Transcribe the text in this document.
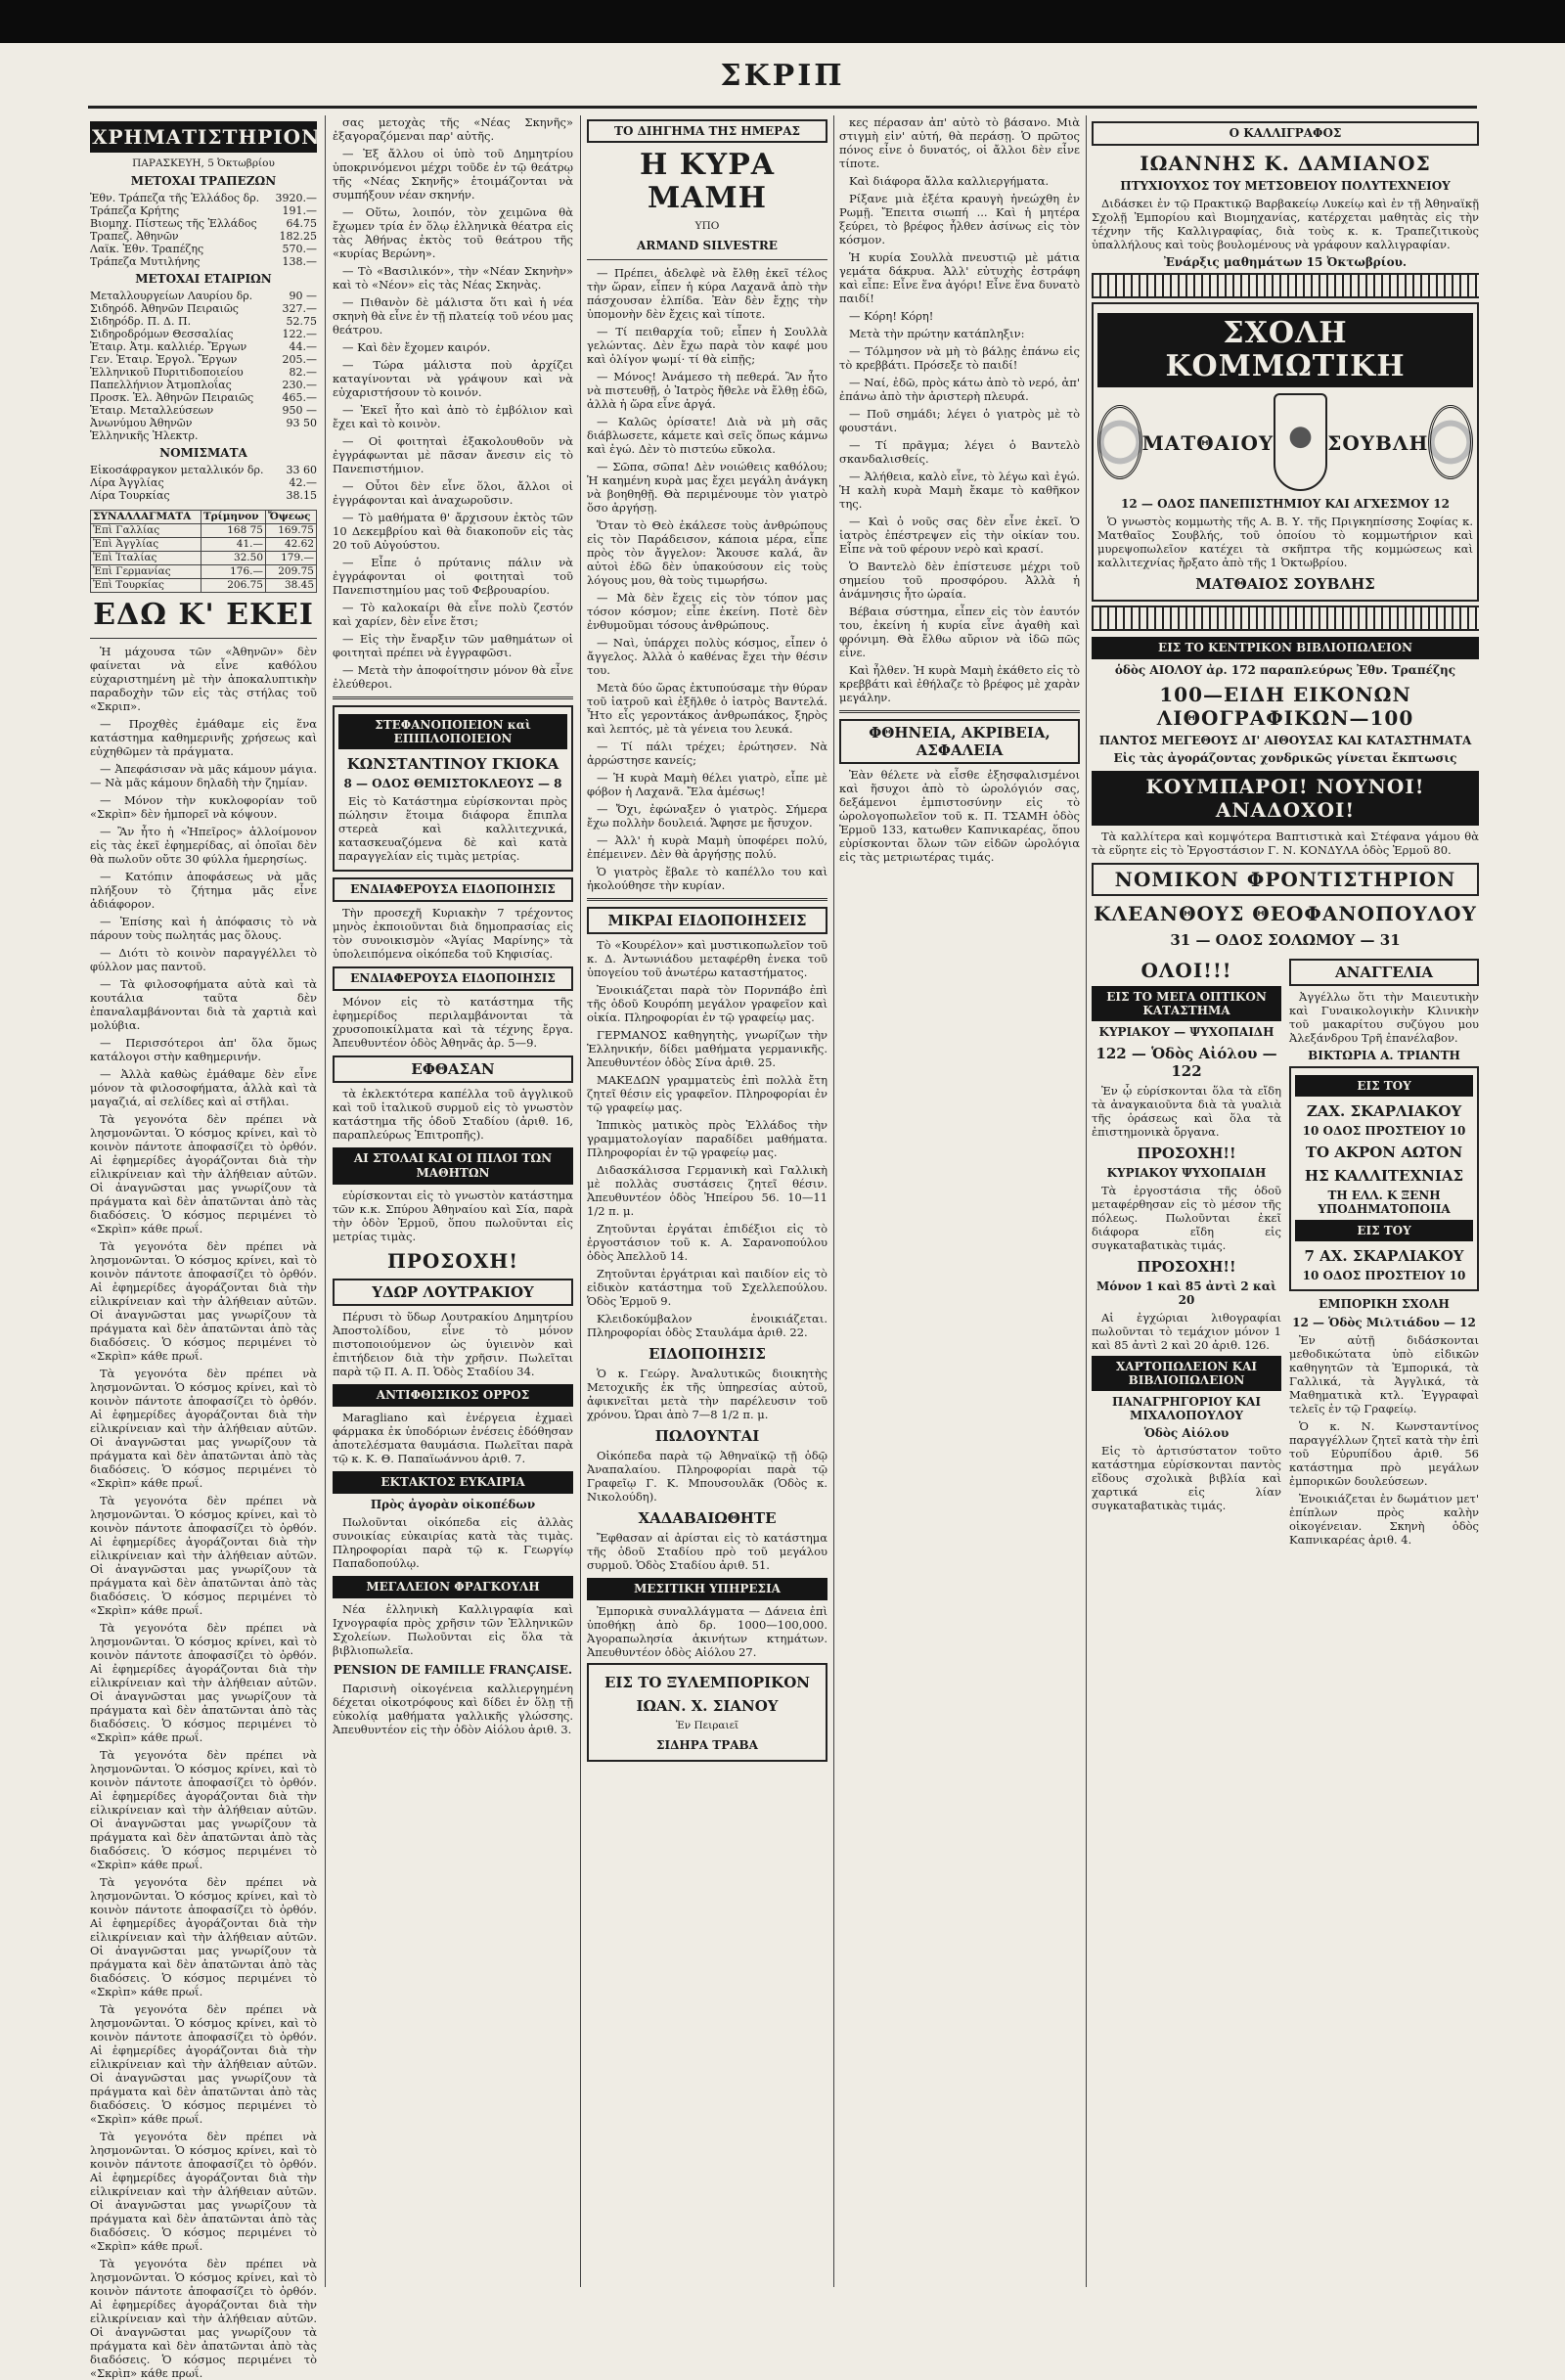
ΣΚΡΙΠ
ΧΡΗΜΑΤΙΣΤΗΡΙΟΝ
ΠΑΡΑΣΚΕΥΗ, 5 Ὀκτωβρίου
ΜΕΤΟΧΑΙ ΤΡΑΠΕΖΩΝ
Ἐθν. Τράπεζα τῆς Ἑλλάδος δρ.	3920.—
Τράπεζα Κρήτης	191.—
Βιομηχ. Πίστεως τῆς Ἑλλάδος	64.75
Τραπεζ. Ἀθηνῶν	182.25
Λαϊκ. Ἐθν. Τραπέζης	570.—
Τράπεζα Μυτιλήνης	138.—
ΜΕΤΟΧΑΙ ΕΤΑΙΡΙΩΝ
Μεταλλουργείων Λαυρίου δρ.	90 —
Σιδηρόδ. Ἀθηνῶν Πειραιῶς	327.—
Σιδηρόδρ. Π. Δ. Π.	52.75
Σιδηροδρόμων Θεσσαλίας	122.—
Ἑταιρ. Ἀτμ. καλλιέρ. Ἔργων	44.—
Γεν. Ἑταιρ. Ἐργολ. Ἔργων	205.—
Ἑλληνικοῦ Πυριτιδοποιείου	82.—
Παπελλήνιον Ἀτμοπλοΐας	230.—
Προσκ. Ἑλ. Ἀθηνῶν Πειραιῶς	465.—
Ἑταιρ. Μεταλλεύσεων	950 —
Ἀνωνύμου Ἀθηνῶν	93 50
Ἑλληνικῆς Ἠλεκτρ.	
ΝΟΜΙΣΜΑΤΑ
Εἰκοσάφραγκον μεταλλικόν δρ.	33 60
Λίρα Ἀγγλίας	42.—
Λίρα Τουρκίας	38.15
ΣΥΝΑΛΛΑΓΜΑΤΑ	Τρίμηνον	Ὄψεως
Ἐπὶ Γαλλίας	168 75	169.75
Ἐπὶ Ἀγγλίας	41.—	42.62
Ἐπὶ Ἰταλίας	32.50	179.—
Ἐπὶ Γερμανίας	176.—	209.75
Ἐπὶ Τουρκίας	206.75	38.45
ΕΔΩ Κ' ΕΚΕΙ

Ἡ μάχουσα τῶν «Ἀθηνῶν» δὲν φαίνεται νὰ εἶνε καθόλου εὐχαριστημένη μὲ τὴν ἀποκαλυπτικὴν παραδοχὴν τῶν εἰς τὰς στήλας τοῦ «Σκριπ».

— Προχθὲς ἐμάθαμε εἰς ἕνα κατάστημα καθημερινῆς χρήσεως καὶ εὐχηθῶμεν τὰ πράγματα.

— Ἀπεφάσισαν νὰ μᾶς κάμουν μάγια. — Νὰ μᾶς κάμουν δηλαδὴ τὴν ζημίαν.

— Μόνον τὴν κυκλοφορίαν τοῦ «Σκρὶπ» δὲν ἠμπορεῖ νὰ κόψουν.

— Ἂν ἦτο ἡ «Ἠπεῖρος» ἀλλοίμονον εἰς τὰς ἐκεῖ ἐφημερίδας, αἱ ὁποῖαι δὲν θὰ πωλοῦν οὔτε 30 φύλλα ἡμερησίως.

— Κατόπιν ἀποφάσεως νὰ μᾶς πλήξουν τὸ ζήτημα μᾶς εἶνε ἀδιάφορον.

— Ἐπίσης καὶ ἡ ἀπόφασις τὸ νὰ πάρουν τοὺς πωλητάς μας ὅλους.

— Διότι τὸ κοινὸν παραγγέλλει τὸ φύλλον μας παντοῦ.

— Τὰ φιλοσοφήματα αὐτὰ καὶ τὰ κουτάλια ταῦτα δὲν ἐπαναλαμβάνονται διὰ τὰ χαρτιὰ καὶ μολύβια.

— Περισσότεροι ἀπ' ὅλα ὅμως κατάλογοι στὴν καθημερινήν.

— Ἀλλὰ καθὼς ἐμάθαμε δὲν εἶνε μόνον τὰ φιλοσοφήματα, ἀλλὰ καὶ τὰ μαγαζιά, αἱ σελίδες καὶ αἱ στῆλαι.

Τὰ γεγονότα δὲν πρέπει νὰ λησμονῶνται. Ὁ κόσμος κρίνει, καὶ τὸ κοινὸν πάντοτε ἀποφασίζει τὸ ὀρθόν. Αἱ ἐφημερίδες ἀγοράζονται διὰ τὴν εἰλικρίνειαν καὶ τὴν ἀλήθειαν αὐτῶν. Οἱ ἀναγνῶσται μας γνωρίζουν τὰ πράγματα καὶ δὲν ἀπατῶνται ἀπὸ τὰς διαδόσεις. Ὁ κόσμος περιμένει τὸ «Σκρὶπ» κάθε πρωΐ.

Τὰ γεγονότα δὲν πρέπει νὰ λησμονῶνται. Ὁ κόσμος κρίνει, καὶ τὸ κοινὸν πάντοτε ἀποφασίζει τὸ ὀρθόν. Αἱ ἐφημερίδες ἀγοράζονται διὰ τὴν εἰλικρίνειαν καὶ τὴν ἀλήθειαν αὐτῶν. Οἱ ἀναγνῶσται μας γνωρίζουν τὰ πράγματα καὶ δὲν ἀπατῶνται ἀπὸ τὰς διαδόσεις. Ὁ κόσμος περιμένει τὸ «Σκρὶπ» κάθε πρωΐ.

Τὰ γεγονότα δὲν πρέπει νὰ λησμονῶνται. Ὁ κόσμος κρίνει, καὶ τὸ κοινὸν πάντοτε ἀποφασίζει τὸ ὀρθόν. Αἱ ἐφημερίδες ἀγοράζονται διὰ τὴν εἰλικρίνειαν καὶ τὴν ἀλήθειαν αὐτῶν. Οἱ ἀναγνῶσται μας γνωρίζουν τὰ πράγματα καὶ δὲν ἀπατῶνται ἀπὸ τὰς διαδόσεις. Ὁ κόσμος περιμένει τὸ «Σκρὶπ» κάθε πρωΐ.

Τὰ γεγονότα δὲν πρέπει νὰ λησμονῶνται. Ὁ κόσμος κρίνει, καὶ τὸ κοινὸν πάντοτε ἀποφασίζει τὸ ὀρθόν. Αἱ ἐφημερίδες ἀγοράζονται διὰ τὴν εἰλικρίνειαν καὶ τὴν ἀλήθειαν αὐτῶν. Οἱ ἀναγνῶσται μας γνωρίζουν τὰ πράγματα καὶ δὲν ἀπατῶνται ἀπὸ τὰς διαδόσεις. Ὁ κόσμος περιμένει τὸ «Σκρὶπ» κάθε πρωΐ.

Τὰ γεγονότα δὲν πρέπει νὰ λησμονῶνται. Ὁ κόσμος κρίνει, καὶ τὸ κοινὸν πάντοτε ἀποφασίζει τὸ ὀρθόν. Αἱ ἐφημερίδες ἀγοράζονται διὰ τὴν εἰλικρίνειαν καὶ τὴν ἀλήθειαν αὐτῶν. Οἱ ἀναγνῶσται μας γνωρίζουν τὰ πράγματα καὶ δὲν ἀπατῶνται ἀπὸ τὰς διαδόσεις. Ὁ κόσμος περιμένει τὸ «Σκρὶπ» κάθε πρωΐ.

Τὰ γεγονότα δὲν πρέπει νὰ λησμονῶνται. Ὁ κόσμος κρίνει, καὶ τὸ κοινὸν πάντοτε ἀποφασίζει τὸ ὀρθόν. Αἱ ἐφημερίδες ἀγοράζονται διὰ τὴν εἰλικρίνειαν καὶ τὴν ἀλήθειαν αὐτῶν. Οἱ ἀναγνῶσται μας γνωρίζουν τὰ πράγματα καὶ δὲν ἀπατῶνται ἀπὸ τὰς διαδόσεις. Ὁ κόσμος περιμένει τὸ «Σκρὶπ» κάθε πρωΐ.

Τὰ γεγονότα δὲν πρέπει νὰ λησμονῶνται. Ὁ κόσμος κρίνει, καὶ τὸ κοινὸν πάντοτε ἀποφασίζει τὸ ὀρθόν. Αἱ ἐφημερίδες ἀγοράζονται διὰ τὴν εἰλικρίνειαν καὶ τὴν ἀλήθειαν αὐτῶν. Οἱ ἀναγνῶσται μας γνωρίζουν τὰ πράγματα καὶ δὲν ἀπατῶνται ἀπὸ τὰς διαδόσεις. Ὁ κόσμος περιμένει τὸ «Σκρὶπ» κάθε πρωΐ.

Τὰ γεγονότα δὲν πρέπει νὰ λησμονῶνται. Ὁ κόσμος κρίνει, καὶ τὸ κοινὸν πάντοτε ἀποφασίζει τὸ ὀρθόν. Αἱ ἐφημερίδες ἀγοράζονται διὰ τὴν εἰλικρίνειαν καὶ τὴν ἀλήθειαν αὐτῶν. Οἱ ἀναγνῶσται μας γνωρίζουν τὰ πράγματα καὶ δὲν ἀπατῶνται ἀπὸ τὰς διαδόσεις. Ὁ κόσμος περιμένει τὸ «Σκρὶπ» κάθε πρωΐ.

Τὰ γεγονότα δὲν πρέπει νὰ λησμονῶνται. Ὁ κόσμος κρίνει, καὶ τὸ κοινὸν πάντοτε ἀποφασίζει τὸ ὀρθόν. Αἱ ἐφημερίδες ἀγοράζονται διὰ τὴν εἰλικρίνειαν καὶ τὴν ἀλήθειαν αὐτῶν. Οἱ ἀναγνῶσται μας γνωρίζουν τὰ πράγματα καὶ δὲν ἀπατῶνται ἀπὸ τὰς διαδόσεις. Ὁ κόσμος περιμένει τὸ «Σκρὶπ» κάθε πρωΐ.

Τὰ γεγονότα δὲν πρέπει νὰ λησμονῶνται. Ὁ κόσμος κρίνει, καὶ τὸ κοινὸν πάντοτε ἀποφασίζει τὸ ὀρθόν. Αἱ ἐφημερίδες ἀγοράζονται διὰ τὴν εἰλικρίνειαν καὶ τὴν ἀλήθειαν αὐτῶν. Οἱ ἀναγνῶσται μας γνωρίζουν τὰ πράγματα καὶ δὲν ἀπατῶνται ἀπὸ τὰς διαδόσεις. Ὁ κόσμος περιμένει τὸ «Σκρὶπ» κάθε πρωΐ.

σας μετοχὰς τῆς «Νέας Σκηνῆς» ἐξαγοραζόμεναι παρ' αὐτῆς.

— Ἐξ ἄλλου οἱ ὑπὸ τοῦ Δημητρίου ὑποκρινόμενοι μέχρι τοῦδε ἐν τῷ θεάτρῳ τῆς «Νέας Σκηνῆς» ἑτοιμάζονται νὰ συμπήξουν νέαν σκηνήν.

— Οὕτω, λοιπόν, τὸν χειμῶνα θὰ ἔχωμεν τρία ἐν ὅλῳ ἑλληνικὰ θέατρα εἰς τὰς Ἀθήνας ἐκτὸς τοῦ θεάτρου τῆς «κυρίας Βερώνη».

— Τὸ «Βασιλικόν», τὴν «Νέαν Σκηνὴν» καὶ τὸ «Νέον» εἰς τὰς Νέας Σκηνὰς.

— Πιθανὸν δὲ μάλιστα ὅτι καὶ ἡ νέα σκηνὴ θὰ εἶνε ἐν τῇ πλατείᾳ τοῦ νέου μας θεάτρου.

— Καὶ δὲν ἔχομεν καιρόν.

— Τώρα μάλιστα ποὺ ἀρχίζει καταγίνονται νὰ γράψουν καὶ νὰ εὐχαριστήσουν τὸ κοινόν.

— Ἐκεῖ ἦτο καὶ ἀπὸ τὸ ἐμβόλιον καὶ ἔχει καὶ τὸ κοινὸν.

— Οἱ φοιτηταὶ ἐξακολουθοῦν νὰ ἐγγράφωνται μὲ πᾶσαν ἄνεσιν εἰς τὸ Πανεπιστήμιον.

— Οὗτοι δὲν εἶνε ὅλοι, ἄλλοι οἱ ἐγγράφονται καὶ ἀναχωροῦσιν.

— Τὸ μαθήματα θ' ἄρχισουν ἐκτὸς τῶν 10 Δεκεμβρίου καὶ θὰ διακοποῦν εἰς τὰς 20 τοῦ Αὐγούστου.

— Εἶπε ὁ πρύτανις πάλιν νὰ ἐγγράφονται οἱ φοιτηταὶ τοῦ Πανεπιστημίου μας τοῦ Φεβρουαρίου.

— Τὸ καλοκαίρι θὰ εἶνε πολὺ ζεστόν καὶ χαρίεν, δὲν εἶνε ἔτσι;

— Εἰς τὴν ἔναρξιν τῶν μαθημάτων οἱ φοιτηταὶ πρέπει νὰ ἐγγραφῶσι.

— Μετὰ τὴν ἀποφοίτησιν μόνον θὰ εἶνε ἐλεύθεροι.

ΣΤΕΦΑΝΟΠΟΙΕΙΟΝ καὶ ΕΠΙΠΛΟΠΟΙΕΙΟΝ
ΚΩΝΣΤΑΝΤΙΝΟΥ ΓΚΙΟΚΑ
8 — ΟΔΟΣ ΘΕΜΙΣΤΟΚΛΕΟΥΣ — 8

Εἰς τὸ Κατάστημα εὑρίσκονται πρὸς πώλησιν ἕτοιμα διάφορα ἔπιπλα στερεὰ καὶ καλλιτεχνικά, κατασκευαζόμενα δὲ καὶ κατὰ παραγγελίαν εἰς τιμὰς μετρίας.

ΕΝΔΙΑΦΕΡΟΥΣΑ ΕΙΔΟΠΟΙΗΣΙΣ

Τὴν προσεχῆ Κυριακὴν 7 τρέχοντος μηνὸς ἐκποιοῦνται διὰ δημοπρασίας εἰς τὸν συνοικισμὸν «Ἁγίας Μαρίνης» τὰ ὑπολειπόμενα οἰκόπεδα τοῦ Κηφισίας.

ΕΝΔΙΑΦΕΡΟΥΣΑ ΕΙΔΟΠΟΙΗΣΙΣ

Μόνον εἰς τὸ κατάστημα τῆς ἐφημερίδος περιλαμβάνονται τὰ χρυσοποικίλματα καὶ τὰ τέχνης ἔργα. Ἀπευθυντέον ὁδὸς Ἀθηνᾶς ἀρ. 5—9.

ΕΦΘΑΣΑΝ

τὰ ἐκλεκτότερα καπέλλα τοῦ ἀγγλικοῦ καὶ τοῦ ἰταλικοῦ συρμοῦ εἰς τὸ γνωστὸν κατάστημα τῆς ὁδοῦ Σταδίου (ἀριθ. 16, παραπλεύρως Ἐπιτροπῆς).

ΑΙ ΣΤΟΛΑΙ ΚΑΙ ΟΙ ΠΙΛΟΙ ΤΩΝ ΜΑΘΗΤΩΝ

εὑρίσκονται εἰς τὸ γνωστὸν κατάστημα τῶν κ.κ. Σπύρου Ἀθηναίου καὶ Σία, παρὰ τὴν ὁδὸν Ἑρμοῦ, ὅπου πωλοῦνται εἰς μετρίας τιμὰς.

ΠΡΟΣΟΧΗ!
ΥΔΩΡ ΛΟΥΤΡΑΚΙΟΥ

Πέρυσι τὸ ὕδωρ Λουτρακίου Δημητρίου Ἀποστολίδου, εἶνε τὸ μόνον πιστοποιούμενον ὡς ὑγιεινὸν καὶ ἐπιτήδειον διὰ τὴν χρῆσιν. Πωλεῖται παρὰ τῷ Π. Α. Π. Ὁδὸς Σταδίου 34.

ΑΝΤΙΦΘΙΣΙΚΟΣ ΟΡΡΟΣ

Maragliano καὶ ἐνέργεια ἐχμαεὶ φάρμακα ἐκ ὑποδόριων ἐνέσεις ἐδόθησαν ἀποτελέσματα θαυμάσια. Πωλεῖται παρὰ τῷ κ. Κ. Θ. Παπαϊωάννου ἀριθ. 7.

ΕΚΤΑΚΤΟΣ ΕΥΚΑΙΡΙΑ
Πρὸς ἀγορὰν οἰκοπέδων

Πωλοῦνται οἰκόπεδα εἰς ἀλλὰς συνοικίας εὐκαιρίας κατὰ τὰς τιμὰς. Πληροφορίαι παρὰ τῷ κ. Γεωργίῳ Παπαδοπούλῳ.

ΜΕΓΑΛΕΙΟΝ ΦΡΑΓΚΟΥΛΗ

Νέα ἑλληνικὴ Καλλιγραφία καὶ Ιχνογραφία πρὸς χρῆσιν τῶν Ἑλληνικῶν Σχολείων. Πωλοῦνται εἰς ὅλα τὰ βιβλιοπωλεῖα.

PENSION DE FAMILLE FRANÇAISE.

Παρισινὴ οἰκογένεια καλλιεργημένη δέχεται οἰκοτρόφους καὶ δίδει ἐν ὅλῃ τῇ εὐκολίᾳ μαθήματα γαλλικῆς γλώσσης. Ἀπευθυντέον εἰς τὴν ὁδὸν Αἰόλου ἀριθ. 3.

ΤΟ ΔΙΗΓΗΜΑ ΤΗΣ ΗΜΕΡΑΣ
Η ΚΥΡΑ ΜΑΜΗ
ΥΠΟ
ARMAND SILVESTRE

— Πρέπει, ἀδελφὲ νὰ ἔλθῃ ἐκεῖ τέλος τὴν ὥραν, εἶπεν ἡ κύρα Λαχανᾶ ἀπὸ τὴν πάσχουσαν ἐλπίδα. Ἐὰν δὲν ἔχῃς τὴν ὑπομονὴν δὲν ἔχεις καὶ τίποτε.

— Τί πειθαρχία τοῦ; εἶπεν ἡ Σουλλὰ γελώντας. Δὲν ἔχω παρὰ τὸν καφέ μου καὶ ὀλίγον ψωμί· τί θὰ εἰπῇς;

— Μόνος! Ἀνάμεσο τὴ πεθερά. Ἂν ἦτο νὰ πιστευθῇ, ὁ Ἰατρὸς ἤθελε νὰ ἔλθῃ ἐδῶ, ἀλλὰ ἡ ὥρα εἶνε ἀργά.

— Καλῶς ὁρίσατε! Διὰ νὰ μὴ σᾶς διάβλωσετε, κάμετε καὶ σεῖς ὅπως κάμνω καὶ ἐγώ. Δὲν τὸ πιστεύω εὔκολα.

— Σῶπα, σῶπα! Δὲν νοιώθεις καθόλου; Ἡ καημένη κυρὰ μας ἔχει μεγάλη ἀνάγκη νὰ βοηθηθῇ. Θὰ περιμένουμε τὸν γιατρὸ ὅσο ἀργήσῃ.

Ὅταν τὸ Θεὸ ἐκάλεσε τοὺς ἀνθρώπους εἰς τὸν Παράδεισον, κάποια μέρα, εἶπε πρὸς τὸν ἄγγελον: Ἄκουσε καλά, ἂν αὐτοὶ ἐδῶ δὲν ὑπακούσουν εἰς τοὺς λόγους μου, θὰ τοὺς τιμωρήσω.

— Μὰ δὲν ἔχεις εἰς τὸν τόπον μας τόσον κόσμον; εἶπε ἐκείνη. Ποτὲ δὲν ἐνθυμοῦμαι τόσους ἀνθρώπους.

— Ναὶ, ὑπάρχει πολὺς κόσμος, εἶπεν ὁ ἄγγελος. Ἀλλὰ ὁ καθένας ἔχει τὴν θέσιν του.

Μετὰ δύο ὥρας ἐκτυπούσαμε τὴν θύραν τοῦ ἰατροῦ καὶ ἐξῆλθε ὁ ἰατρὸς Βαντελά. Ἦτο εἷς γεροντάκος ἀνθρωπάκος, ξηρὸς καὶ λεπτός, μὲ τὰ γένεια του λευκά.

— Τί πάλι τρέχει; ἐρώτησεν. Νὰ ἀρρώστησε κανείς;

— Ἡ κυρὰ Μαμὴ θέλει γιατρὸ, εἶπε μὲ φόβον ἡ Λαχανᾶ. Ἔλα ἀμέσως!

— Ὄχι, ἐφώναξεν ὁ γιατρὸς. Σήμερα ἔχω πολλὴν δουλειά. Ἄφησε με ἤσυχον.

— Ἀλλ' ἡ κυρὰ Μαμὴ ὑποφέρει πολύ, ἐπέμεινεν. Δὲν θὰ ἀργήσῃς πολύ.

Ὁ γιατρὸς ἔβαλε τὸ καπέλλο του καὶ ἠκολούθησε τὴν κυρίαν.

ΜΙΚΡΑΙ ΕΙΔΟΠΟΙΗΣΕΙΣ

Τὸ «Κουρέλον» καὶ μυστικοπωλεῖον τοῦ κ. Δ. Ἀντωνιάδου μεταφέρθη ἐνεκα τοῦ ὑπογείου τοῦ ἀνωτέρω καταστήματος.

Ἐνοικιάζεται παρὰ τὸν Πορνπάβο ἐπὶ τῆς ὁδοῦ Κουρόπη μεγάλον γραφεῖον καὶ οἰκία. Πληροφορίαι ἐν τῷ γραφείῳ μας.

ΓΕΡΜΑΝΟΣ καθηγητὴς, γνωρίζων τὴν Ἑλληνικήν, δίδει μαθήματα γερμανικῆς. Ἀπευθυντέον ὁδὸς Σίνα ἀριθ. 25.

ΜΑΚΕΔΩΝ γραμματεὺς ἐπὶ πολλὰ ἔτη ζητεῖ θέσιν εἰς γραφεῖον. Πληροφορίαι ἐν τῷ γραφείῳ μας.

Ἱππικὸς ματικὸς πρὸς Ἑλλάδος τὴν γραμματολογίαν παραδίδει μαθήματα. Πληροφορίαι ἐν τῷ γραφείῳ μας.

Διδασκάλισσα Γερμανικὴ καὶ Γαλλικὴ μὲ πολλὰς συστάσεις ζητεῖ θέσιν. Ἀπευθυντέον ὁδὸς Ἠπείρου 56. 10—11 1/2 π. μ.

Ζητοῦνται ἐργάται ἐπιδέξιοι εἰς τὸ ἐργοστάσιον τοῦ κ. Α. Σαρανοπούλου ὁδὸς Ἀπελλοῦ 14.

Ζητοῦνται ἐργάτριαι καὶ παιδίον εἰς τὸ εἰδικὸν κατάστημα τοῦ Σχελλεπούλου. Ὁδὸς Ἑρμοῦ 9.

Κλειδοκύμβαλον ἐνοικιάζεται. Πληροφορίαι ὁδὸς Σταυλάμα ἀριθ. 22.

ΕΙΔΟΠΟΙΗΣΙΣ

Ὁ κ. Γεώργ. Ἀναλυτικῶς διοικητὴς Μετοχικῆς ἐκ τῆς ὑπηρεσίας αὐτοῦ, ἀφικνεῖται μετὰ τὴν παρέλευσιν τοῦ χρόνου. Ὡραι ἀπὸ 7—8 1/2 π. μ.

ΠΩΛΟΥΝΤΑΙ

Οἰκόπεδα παρὰ τῷ Ἀθηναϊκῷ τῇ ὁδῷ Ἀναπαλαίου. Πληροφορίαι παρὰ τῷ Γραφεῖῳ Γ. Κ. Μπουσουλᾶκ (Ὁδὸς κ. Νικολούδη).

ΧΑΔΑΒΑΙΩΘΗΤΕ

Ἔφθασαν αἱ ἀρίσται εἰς τὸ κατάστημα τῆς ὁδοῦ Σταδίου πρὸ τοῦ μεγάλου συρμοῦ. Ὁδὸς Σταδίου ἀριθ. 51.

ΜΕΣΙΤΙΚΗ ΥΠΗΡΕΣΙΑ

Ἐμπορικὰ συναλλάγματα — Δάνεια ἐπὶ ὑποθήκῃ ἀπὸ δρ. 1000—100,000. Ἀγοραπωλησία ἀκινήτων κτημάτων. Ἀπευθυντέον ὁδὸς Αἰόλου 27.

ΕΙΣ ΤΟ ΞΥΛΕΜΠΟΡΙΚΟΝ
ΙΩΑΝ. Χ. ΣΙΑΝΟΥ
Ἐν Πειραιεῖ
ΣΙΔΗΡΑ ΤΡΑΒΑ

κες πέρασαν ἀπ' αὐτὸ τὸ βάσανο. Μιὰ στιγμὴ εἰν' αὐτή, θὰ περάσῃ. Ὁ πρῶτος πόνος εἶνε ὁ δυνατός, οἱ ἄλλοι δὲν εἶνε τίποτε.

Καὶ διάφορα ἄλλα καλλιεργήματα.

Ρίξανε μιὰ ἐξέτα κραυγὴ ἠνεώχθη ἐν Ρωμῇ. Ἔπειτα σιωπή ... Καὶ ἡ μητέρα ξεύρει, τὸ βρέφος ἦλθεν ἀσίνως εἰς τὸν κόσμον.

Ἡ κυρία Σουλλὰ πνευστιῷ μὲ μάτια γεμάτα δάκρυα. Ἀλλ' εὐτυχὴς ἐστράφη καὶ εἶπε: Εἶνε ἕνα ἀγόρι! Εἶνε ἕνα δυνατὸ παιδί!

— Κόρη! Κόρη!

Μετὰ τὴν πρώτην κατάπληξιν:

— Τόλμησον νὰ μὴ τὸ βάλῃς ἐπάνω εἰς τὸ κρεββάτι. Πρόσεξε τὸ παιδί!

— Ναί, ἐδῶ, πρὸς κάτω ἀπὸ τὸ νερό, ἀπ' ἐπάνω ἀπὸ τὴν ἀριστερὴ πλευρά.

— Ποῦ σημάδι; λέγει ὁ γιατρὸς μὲ τὸ φουστάνι.

— Τί πρᾶγμα; λέγει ὁ Βαντελὸ σκανδαλισθείς.

— Ἀλήθεια, καλὸ εἶνε, τὸ λέγω καὶ ἐγώ. Ἡ καλὴ κυρὰ Μαμὴ ἔκαμε τὸ καθῆκον της.

— Καὶ ὁ νοῦς σας δὲν εἶνε ἐκεῖ. Ὁ ἰατρὸς ἐπέστρεψεν εἰς τὴν οἰκίαν του. Εἶπε νὰ τοῦ φέρουν νερὸ καὶ κρασί.

Ὁ Βαντελὸ δὲν ἐπίστευσε μέχρι τοῦ σημείου τοῦ προσφόρου. Ἀλλὰ ἡ ἀνάμνησις ἦτο ὡραία.

Βέβαια σύστημα, εἶπεν εἰς τὸν ἑαυτόν του, ἐκείνη ἡ κυρία εἶνε ἀγαθὴ καὶ φρόνιμη. Θὰ ἔλθω αὔριον νὰ ἰδῶ πῶς εἶνε.

Καὶ ἦλθεν. Ἡ κυρὰ Μαμὴ ἐκάθετο εἰς τὸ κρεββάτι καὶ ἐθήλαζε τὸ βρέφος μὲ χαρὰν μεγάλην.

ΦΘΗΝΕΙΑ, ΑΚΡΙΒΕΙΑ, ΑΣΦΑΛΕΙΑ

Ἐὰν θέλετε νὰ εἶσθε ἐξησφαλισμένοι καὶ ἥσυχοι ἀπὸ τὸ ὡρολόγιόν σας, δεξάμενοι ἐμπιστοσύνην εἰς τὸ ὡρολογοπωλεῖον τοῦ κ. Π. ΤΣΑΜΗ ὁδὸς Ἑρμοῦ 133, κατωθεν Καπνικαρέας, ὅπου εὑρίσκονται ὅλων τῶν εἰδῶν ὡρολόγια εἰς τὰς μετριωτέρας τιμάς.

Ο ΚΑΛΛΙΓΡΑΦΟΣ
ΙΩΑΝΝΗΣ Κ. ΔΑΜΙΑΝΟΣ
ΠΤΥΧΙΟΥΧΟΣ ΤΟΥ ΜΕΤΣΟΒΕΙΟΥ ΠΟΛΥΤΕΧΝΕΙΟΥ

Διδάσκει ἐν τῷ Πρακτικῷ Βαρβακείῳ Λυκείῳ καὶ ἐν τῇ Ἀθηναϊκῇ Σχολῇ Ἐμπορίου καὶ Βιομηχανίας, κατέρχεται μαθητὰς εἰς τὴν τέχνην τῆς Καλλιγραφίας, διὰ τοὺς κ. κ. Τραπεζιτικοὺς ὑπαλλήλους καὶ τοὺς βουλομένους νὰ γράφουν καλλιγραφίαν.

Ἐνάρξις μαθημάτων 15 Ὀκτωβρίου.
ΣΧΟΛΗ ΚΟΜΜΩΤΙΚΗ
ΜΑΤΘΑΙΟΥ	ΣΟΥΒΛΗ
12 — ΟΔΟΣ ΠΑΝΕΠΙΣΤΗΜΙΟΥ ΚΑΙ ΑΓΧΕΣΜΟΥ 12

Ὁ γνωστὸς κομμωτὴς τῆς Α. Β. Υ. τῆς Πριγκηπίσσης Σοφίας κ. Ματθαῖος Σουβλής, τοῦ ὁποίου τὸ κομμωτήριον καὶ μυρεψοπωλεῖον κατέχει τὰ σκῆπτρα τῆς κομμώσεως καὶ καλλιτεχνίας ἤρξατο ἀπὸ τῆς 1 Ὀκτωβρίου.

ΜΑΤΘΑΙΟΣ ΣΟΥΒΛΗΣ
ΕΙΣ ΤΟ ΚΕΝΤΡΙΚΟΝ ΒΙΒΛΙΟΠΩΛΕΙΟΝ
ὁδὸς ΑΙΟΛΟΥ ἀρ. 172 παραπλεύρως Ἐθν. Τραπέζης
100—ΕΙΔΗ ΕΙΚΟΝΩΝ ΛΙΘΟΓΡΑΦΙΚΩΝ—100
ΠΑΝΤΟΣ ΜΕΓΕΘΟΥΣ ΔΙ' ΑΙΘΟΥΣΑΣ ΚΑΙ ΚΑΤΑΣΤΗΜΑΤΑ
Εἰς τὰς ἀγοράζοντας χονδρικῶς γίνεται ἔκπτωσις
ΚΟΥΜΠΑΡΟΙ! ΝΟΥΝΟΙ! ΑΝΑΔΟΧΟΙ!

Τὰ καλλίτερα καὶ κομψότερα Βαπτιστικὰ καὶ Στέφανα γάμου θὰ τὰ εὕρητε εἰς τὸ Ἐργοστάσιον Γ. Ν. ΚΟΝΔΥΛΑ ὁδὸς Ἑρμοῦ 80.

ΝΟΜΙΚΟΝ ΦΡΟΝΤΙΣΤΗΡΙΟΝ
ΚΛΕΑΝΘΟΥΣ ΘΕΟΦΑΝΟΠΟΥΛΟΥ
31 — ΟΔΟΣ ΣΟΛΩΜΟΥ — 31
ΟΛΟΙ!!!
ΕΙΣ ΤΟ ΜΕΓΑ ΟΠΤΙΚΟΝ ΚΑΤΑΣΤΗΜΑ
ΚΥΡΙΑΚΟΥ — ΨΥΧΟΠΑΙΔΗ
122 — Ὁδὸς Αἰόλου — 122

Ἐν ᾧ εὑρίσκονται ὅλα τὰ εἴδη τὰ ἀναγκαιοῦντα διὰ τὰ γυαλιὰ τῆς ὁράσεως καὶ ὅλα τὰ ἐπιστημονικὰ ὄργανα.

ΠΡΟΣΟΧΗ!!
ΚΥΡΙΑΚΟΥ ΨΥΧΟΠΑΙΔΗ

Τὰ ἐργοστάσια τῆς ὁδοῦ μεταφέρθησαν εἰς τὸ μέσον τῆς πόλεως. Πωλοῦνται ἐκεῖ διάφορα εἴδη εἰς συγκαταβατικὰς τιμάς.

ΠΡΟΣΟΧΗ!!
Μόνον 1 καὶ 85 ἀντὶ 2 καὶ 20

Αἱ ἐγχώριαι λιθογραφίαι πωλοῦνται τὸ τεμάχιον μόνον 1 καὶ 85 ἀντὶ 2 καὶ 20 ἀριθ. 126.

ΧΑΡΤΟΠΩΛΕΙΟΝ ΚΑΙ ΒΙΒΛΙΟΠΩΛΕΙΟΝ
ΠΑΝΑΓΡΗΓΟΡΙΟΥ ΚΑΙ ΜΙΧΑΛΟΠΟΥΛΟΥ
Ὁδὸς Αἰόλου

Εἰς τὸ ἀρτισύστατον τοῦτο κατάστημα εὑρίσκονται παντὸς εἴδους σχολικὰ βιβλία καὶ χαρτικά εἰς λίαν συγκαταβατικὰς τιμάς.

ΑΝΑΓΓΕΛΙΑ

Ἀγγέλλω ὅτι τὴν Μαιευτικὴν καὶ Γυναικολογικὴν Κλινικὴν τοῦ μακαρίτου συζύγου μου Ἀλεξάνδρου Τρῆ ἐπανέλαβον.

ΒΙΚΤΩΡΙΑ Α. ΤΡΙΑΝΤΗ
ΕΙΣ ΤΟΥ
ΖΑΧ. ΣΚΑΡΛΙΑΚΟΥ
10 ΟΔΟΣ ΠΡΟΣΤΕΙΟΥ 10
ΤΟ ΑΚΡΟΝ ΑΩΤΟΝ
ΗΣ ΚΑΛΛΙΤΕΧΝΙΑΣ
ΤΗ ΕΛΛ. Κ ΞΕΝΗ ΥΠΟΔΗΜΑΤΟΠΟΙΙΑ
ΕΙΣ ΤΟΥ
7 ΑΧ. ΣΚΑΡΛΙΑΚΟΥ
10 ΟΔΟΣ ΠΡΟΣΤΕΙΟΥ 10
ΕΜΠΟΡΙΚΗ ΣΧΟΛΗ
12 — Ὁδὸς Μιλτιάδου — 12

Ἐν αὐτῇ διδάσκονται μεθοδικώτατα ὑπὸ εἰδικῶν καθηγητῶν τὰ Ἐμπορικά, τὰ Γαλλικά, τὰ Ἀγγλικά, τὰ Μαθηματικὰ κτλ. Ἐγγραφαὶ τελεῖς ἐν τῷ Γραφείῳ.

Ὁ κ. Ν. Κωνσταντίνος παραγγέλλων ζητεῖ κατὰ τὴν ἐπὶ τοῦ Εὐρυπίδου ἀριθ. 56 κατάστημα πρὸ μεγάλων ἐμπορικῶν δουλεύσεων.

Ἐνοικιάζεται ἐν δωμάτιον μετ' ἐπίπλων πρὸς καλὴν οἰκογένειαν. Σκηνὴ ὁδὸς Καπνικαρέας ἀριθ. 4.
